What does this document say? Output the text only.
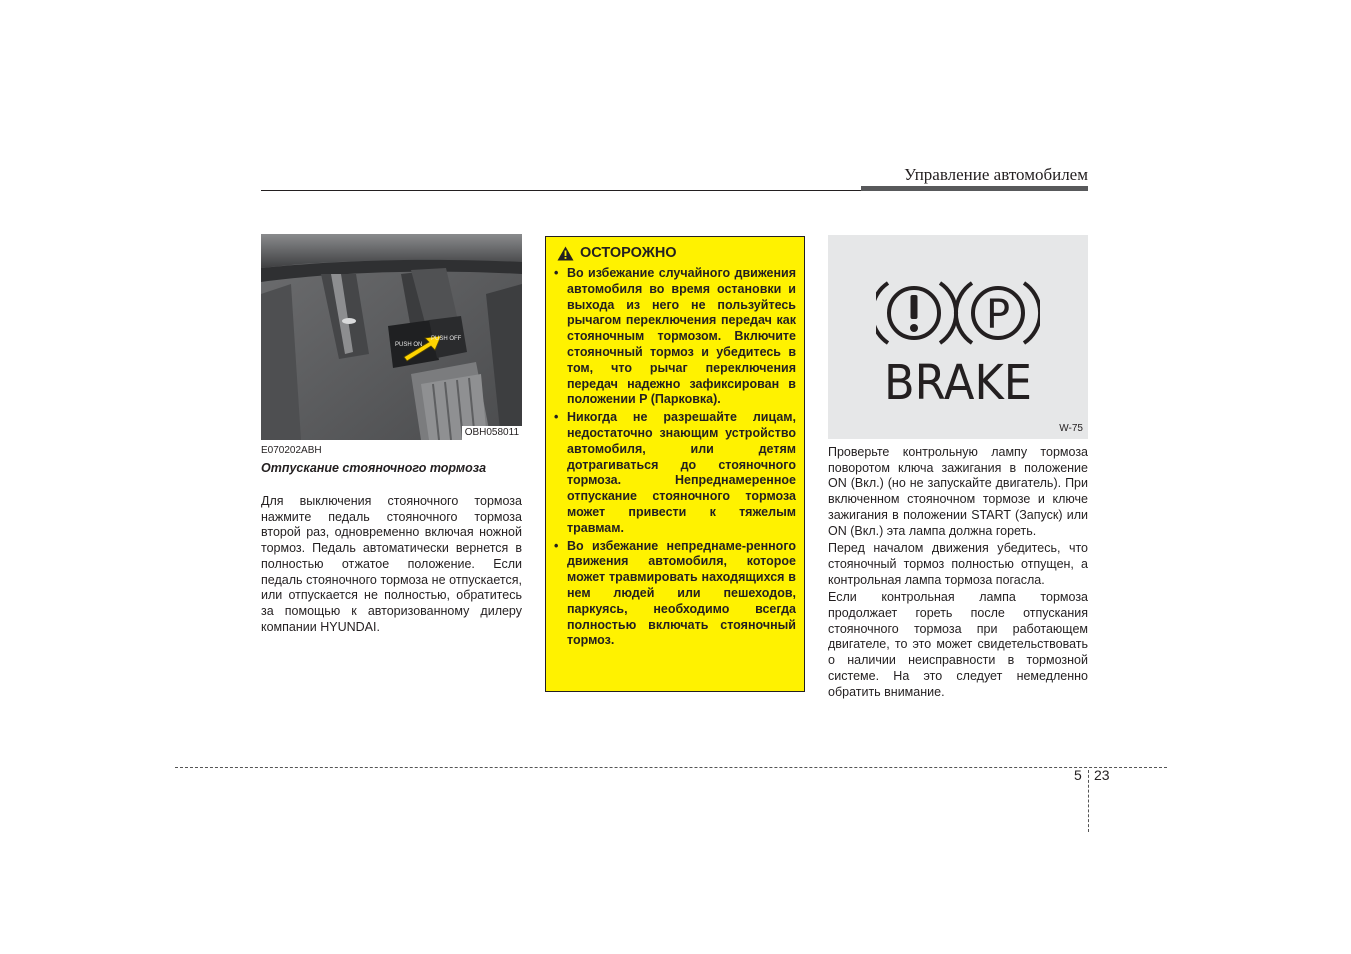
Управление автомобилем
PUSH ON
PUSH OFF
OBH058011
E070202ABH
Отпускание стояночного тормоза
Для выключения стояночного тормоза нажмите педаль стояночного тормоза второй раз, одновременно включая ножной тормоз. Педаль автоматически вернется в полностью отжатое положение. Если педаль стояночного тормоза не отпускается, или отпускается не полностью, обратитесь за помощью к авторизованному дилеру компании HYUNDAI.
ОСТОРОЖНО
• Во избежание случайного движения автомобиля во время остановки и выхода из него не пользуйтесь рычагом переключения передач как стояночным тормозом. Включите стояночный тормоз и убедитесь в том, что рычаг переключения передач надежно зафиксирован в положении P (Парковка).
• Никогда не разрешайте лицам, недостаточно знающим устройство автомобиля, или детям дотрагиваться до стояночного тормоза. Непреднамеренное отпускание стояночного тормоза может привести к тяжелым травмам.
• Во избежание непреднаме-ренного движения автомобиля, которое может травмировать находящихся в нем людей или пешеходов, паркуясь, необходимо всегда полностью включать стояночный тормоз.
P
BRAKE
W-75

Проверьте контрольную лампу тормоза поворотом ключа зажигания в положение ON (Вкл.) (но не запускайте двигатель). При включенном стояночном тормозе и ключе зажигания в положении START (Запуск) или ON (Вкл.) эта лампа должна гореть.

Перед началом движения убедитесь, что стояночный тормоз полностью отпущен, а контрольная лампа тормоза погасла.

Если контрольная лампа тормоза продолжает гореть после отпускания стояночного тормоза при работающем двигателе, то это может свидетельствовать о наличии неисправности в тормозной системе. На это следует немедленно обратить внимание.

5 23
